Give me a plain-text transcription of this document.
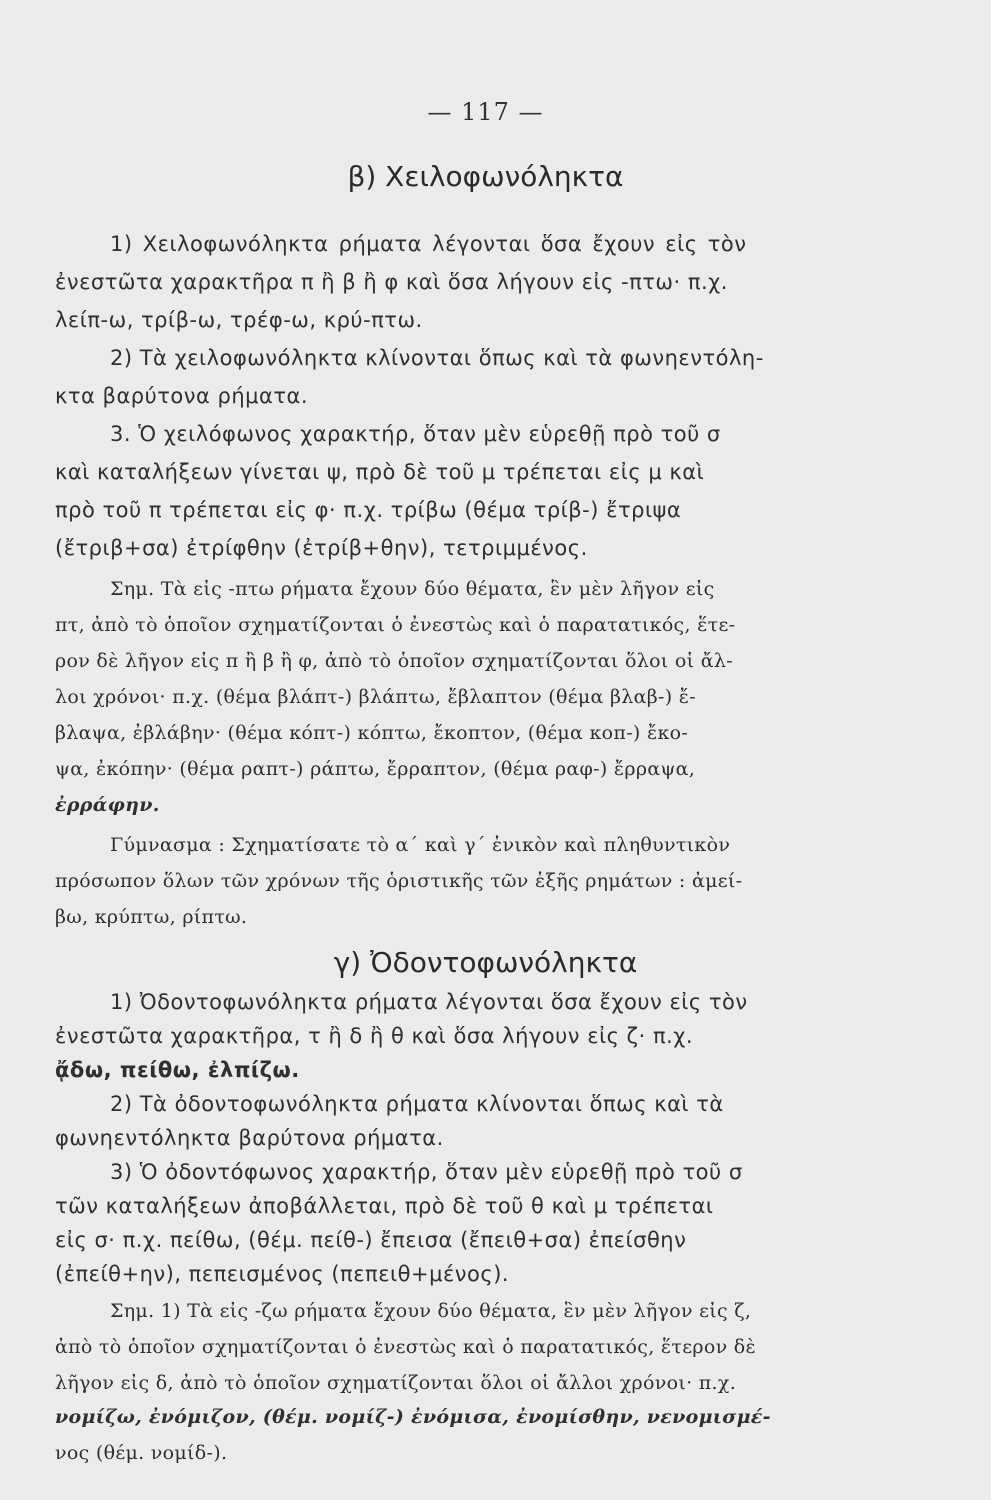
— 117 —
β) Χειλοφωνόληκτα
1) Χειλοφωνόληκτα ρήματα λέγονται ὅσα ἔχουν εἰς τὸν
ἐνεστῶτα χαρακτῆρα π ἢ β ἢ φ καὶ ὅσα λήγουν εἰς -πτω· π.χ.
λείπ-ω, τρίβ-ω, τρέφ-ω, κρύ-πτω.
2) Τὰ χειλοφωνόληκτα κλίνονται ὅπως καὶ τὰ φωνηεντόλη-
κτα βαρύτονα ρήματα.
3. Ὁ χειλόφωνος χαρακτήρ, ὅταν μὲν εὑρεθῇ πρὸ τοῦ σ
καὶ καταλήξεων γίνεται ψ, πρὸ δὲ τοῦ μ τρέπεται εἰς μ καὶ
πρὸ τοῦ π τρέπεται εἰς φ· π.χ. τρίβω (θέμα τρίβ-) ἔτριψα
(ἔτριβ+σα) ἐτρίφθην (ἐτρίβ+θην), τετριμμένος.
Σημ. Τὰ εἰς -πτω ρήματα ἔχουν δύο θέματα, ἓν μὲν λῆγον εἰς
πτ, ἀπὸ τὸ ὁποῖον σχηματίζονται ὁ ἐνεστὼς καὶ ὁ παρατατικός, ἕτε-
ρον δὲ λῆγον εἰς π ἢ β ἢ φ, ἀπὸ τὸ ὁποῖον σχηματίζονται ὅλοι οἱ ἄλ-
λοι χρόνοι· π.χ. (θέμα βλάπτ-) βλάπτω, ἔβλαπτον (θέμα βλαβ-) ἔ-
βλαψα, ἐβλάβην· (θέμα κόπτ-) κόπτω, ἔκοπτον, (θέμα κοπ-) ἔκο-
ψα, ἐκόπην· (θέμα ραπτ-) ράπτω, ἔρραπτον, (θέμα ραφ-) ἔρραψα,
ἐρράφην.
Γύμνασμα : Σχηματίσατε τὸ α΄ καὶ γ΄ ἑνικὸν καὶ πληθυντικὸν
πρόσωπον ὅλων τῶν χρόνων τῆς ὁριστικῆς τῶν ἑξῆς ρημάτων : ἀμεί-
βω, κρύπτω, ρίπτω.
γ) Ὀδοντοφωνόληκτα
1) Ὀδοντοφωνόληκτα ρήματα λέγονται ὅσα ἔχουν εἰς τὸν
ἐνεστῶτα χαρακτῆρα, τ ἢ δ ἢ θ καὶ ὅσα λήγουν εἰς ζ· π.χ.
ᾄδω, πείθω, ἐλπίζω.
2) Τὰ ὀδοντοφωνόληκτα ρήματα κλίνονται ὅπως καὶ τὰ
φωνηεντόληκτα βαρύτονα ρήματα.
3) Ὁ ὀδοντόφωνος χαρακτήρ, ὅταν μὲν εὑρεθῇ πρὸ τοῦ σ
τῶν καταλήξεων ἀποβάλλεται, πρὸ δὲ τοῦ θ καὶ μ τρέπεται
εἰς σ· π.χ. πείθω, (θέμ. πείθ-) ἔπεισα (ἔπειθ+σα) ἐπείσθην
(ἐπείθ+ην), πεπεισμένος (πεπειθ+μένος).
Σημ. 1) Τὰ εἰς -ζω ρήματα ἔχουν δύο θέματα, ἓν μὲν λῆγον εἰς ζ,
ἀπὸ τὸ ὁποῖον σχηματίζονται ὁ ἐνεστὼς καὶ ὁ παρατατικός, ἕτερον δὲ
λῆγον εἰς δ, ἀπὸ τὸ ὁποῖον σχηματίζονται ὅλοι οἱ ἄλλοι χρόνοι· π.χ.
νομίζω, ἐνόμιζον, (θέμ. νομίζ-) ἐνόμισα, ἐνομίσθην, νενομισμέ-
νος (θέμ. νομίδ-).
